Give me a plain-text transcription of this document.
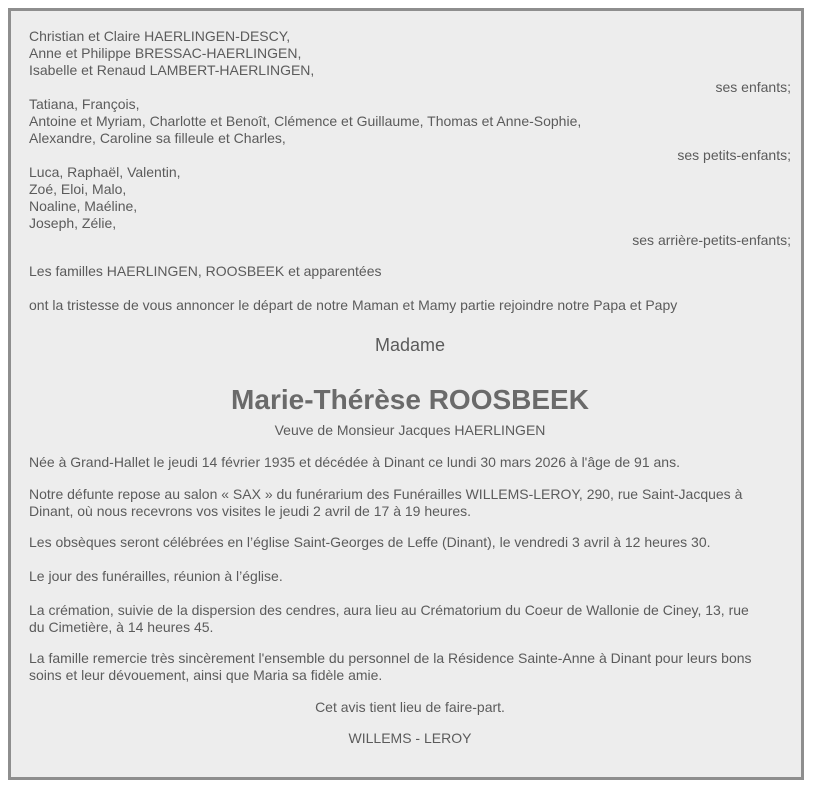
Christian et Claire HAERLINGEN-DESCY,
Anne et Philippe BRESSAC-HAERLINGEN,
Isabelle et Renaud LAMBERT-HAERLINGEN,
ses enfants;
Tatiana, François,
Antoine et Myriam, Charlotte et Benoît, Clémence et Guillaume, Thomas et Anne-Sophie,
Alexandre, Caroline sa filleule et Charles,
ses petits-enfants;
Luca, Raphaël, Valentin,
Zoé, Eloi, Malo,
Noaline, Maéline,
Joseph, Zélie,
ses arrière-petits-enfants;
Les familles HAERLINGEN, ROOSBEEK et apparentées
ont la tristesse de vous annoncer le départ de notre Maman et Mamy partie rejoindre notre Papa et Papy
Madame
Marie-Thérèse ROOSBEEK
Veuve de Monsieur Jacques HAERLINGEN
Née à Grand-Hallet le jeudi 14 février 1935 et décédée à Dinant ce lundi 30 mars 2026 à l'âge de 91 ans.
Notre défunte repose au salon « SAX » du funérarium des Funérailles WILLEMS-LEROY, 290, rue Saint-Jacques à
Dinant, où nous recevrons vos visites le jeudi 2 avril de 17 à 19 heures.
Les obsèques seront célébrées en l’église Saint-Georges de Leffe (Dinant), le vendredi 3 avril à 12 heures 30.
Le jour des funérailles, réunion à l’église.
La crémation, suivie de la dispersion des cendres, aura lieu au Crématorium du Coeur de Wallonie de Ciney, 13, rue
du Cimetière, à 14 heures 45.
La famille remercie très sincèrement l'ensemble du personnel de la Résidence Sainte-Anne à Dinant pour leurs bons
soins et leur dévouement, ainsi que Maria sa fidèle amie.
Cet avis tient lieu de faire-part.
WILLEMS - LEROY
